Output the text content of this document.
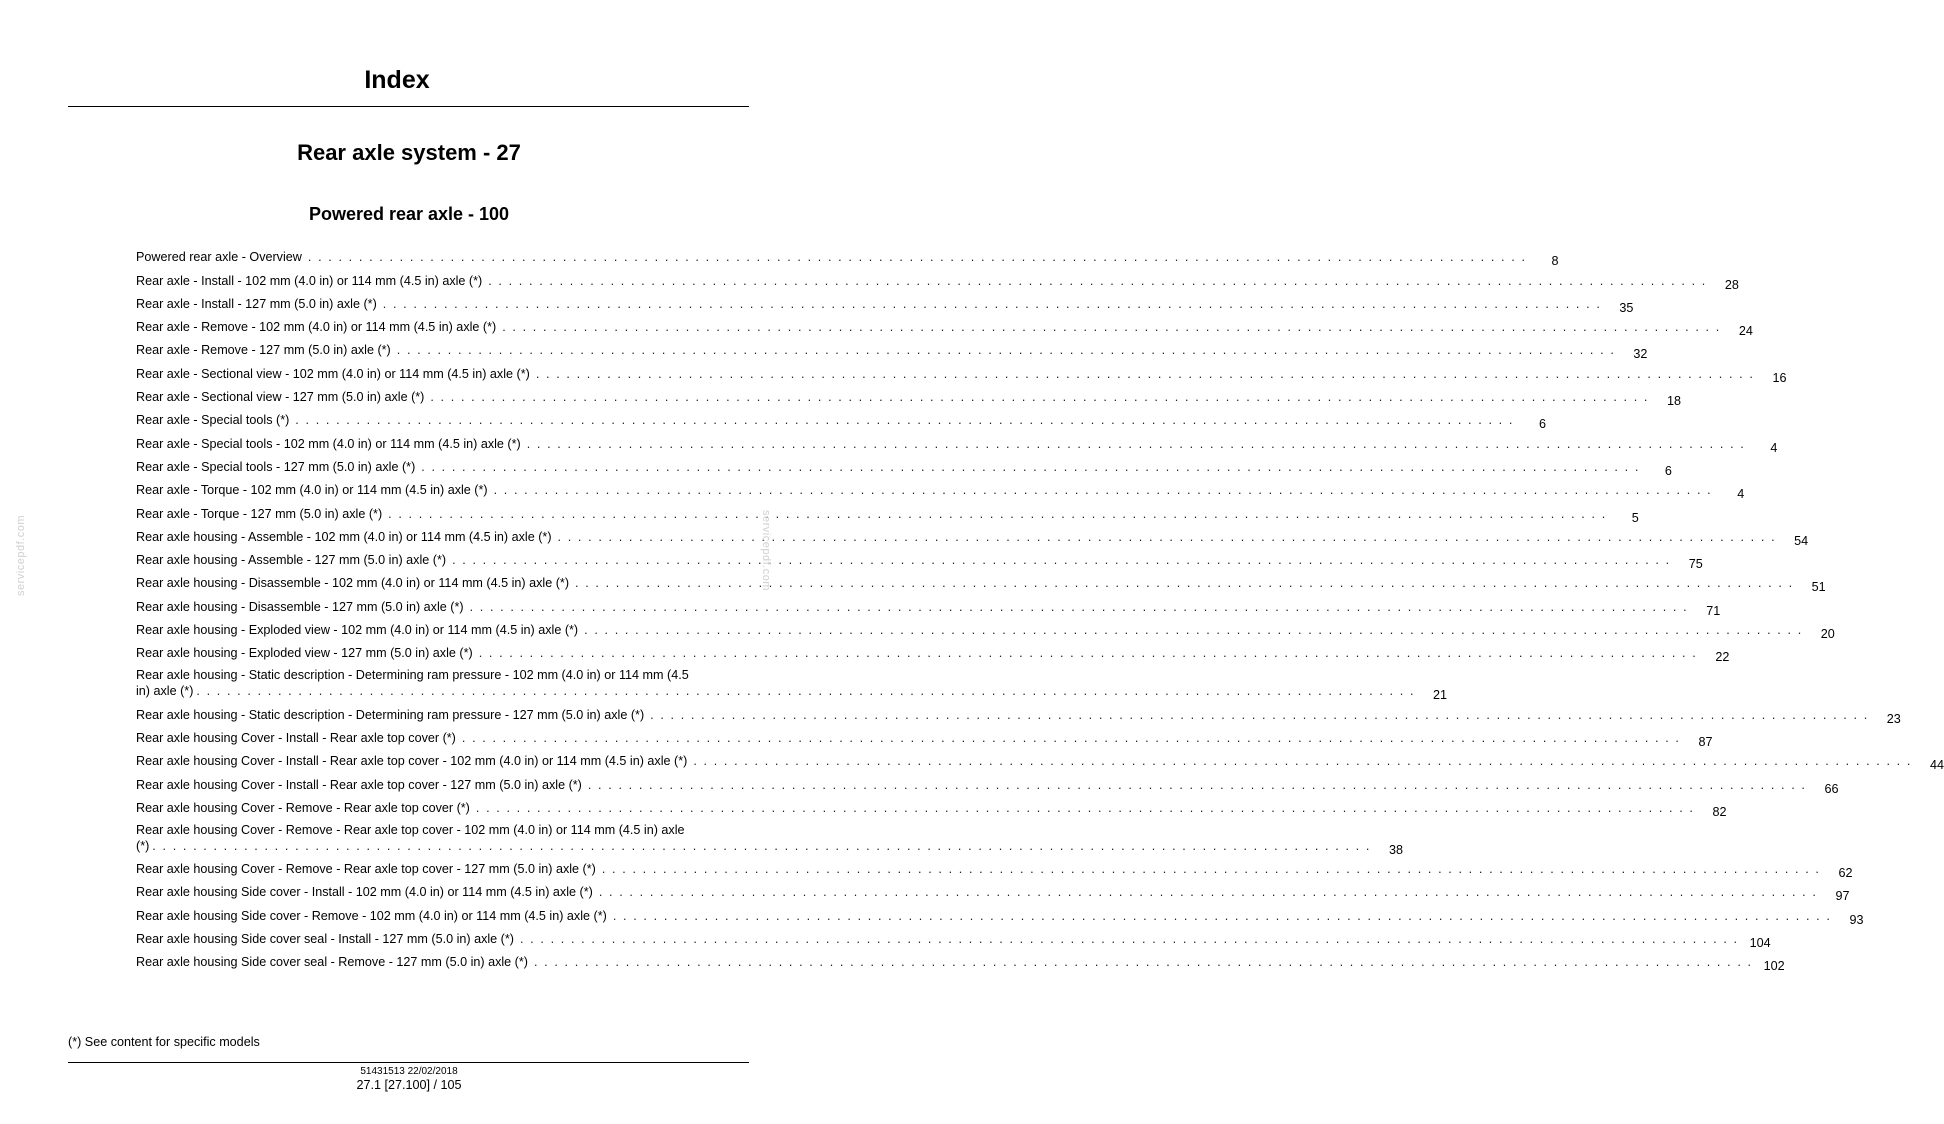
Index
Rear axle system - 27
Powered rear axle - 100
Powered rear axle - Overview . . . . . . . . . . . . . . . . . . . . . . . . . . . . . . . . . . . . . . . . . . . . . . . . . . . . . . . . . . . . . . . . . . . . . . . . . . . . . . . . . . . . . . . . . . . . . . . . . . . . . . . . . . . . . . . . . . . . . . . .	8
Rear axle - Install - 102 mm (4.0 in) or 114 mm (4.5 in) axle (*) . . . . . . . . . . . . . . . . . . . . . . . . . . . . . . . . . . . . . . . . . . . . . . . . . . . . . . . . . . . . . . . . . . . . . . . . . . . . . . . . . . . . . . . . . . . . . . . . . . . . . . . . . . . . . . . . . . . . . . . .	28
Rear axle - Install - 127 mm (5.0 in) axle (*) . . . . . . . . . . . . . . . . . . . . . . . . . . . . . . . . . . . . . . . . . . . . . . . . . . . . . . . . . . . . . . . . . . . . . . . . . . . . . . . . . . . . . . . . . . . . . . . . . . . . . . . . . . . . . . . . . . . . . . . .	35
Rear axle - Remove - 102 mm (4.0 in) or 114 mm (4.5 in) axle (*) . . . . . . . . . . . . . . . . . . . . . . . . . . . . . . . . . . . . . . . . . . . . . . . . . . . . . . . . . . . . . . . . . . . . . . . . . . . . . . . . . . . . . . . . . . . . . . . . . . . . . . . . . . . . . . . . . . . . . . . .	24
Rear axle - Remove - 127 mm (5.0 in) axle (*) . . . . . . . . . . . . . . . . . . . . . . . . . . . . . . . . . . . . . . . . . . . . . . . . . . . . . . . . . . . . . . . . . . . . . . . . . . . . . . . . . . . . . . . . . . . . . . . . . . . . . . . . . . . . . . . . . . . . . . . .	32
Rear axle - Sectional view - 102 mm (4.0 in) or 114 mm (4.5 in) axle (*) . . . . . . . . . . . . . . . . . . . . . . . . . . . . . . . . . . . . . . . . . . . . . . . . . . . . . . . . . . . . . . . . . . . . . . . . . . . . . . . . . . . . . . . . . . . . . . . . . . . . . . . . . . . . . . . . . . . . . . . .	16
Rear axle - Sectional view - 127 mm (5.0 in) axle (*) . . . . . . . . . . . . . . . . . . . . . . . . . . . . . . . . . . . . . . . . . . . . . . . . . . . . . . . . . . . . . . . . . . . . . . . . . . . . . . . . . . . . . . . . . . . . . . . . . . . . . . . . . . . . . . . . . . . . . . . .	18
Rear axle - Special tools (*) . . . . . . . . . . . . . . . . . . . . . . . . . . . . . . . . . . . . . . . . . . . . . . . . . . . . . . . . . . . . . . . . . . . . . . . . . . . . . . . . . . . . . . . . . . . . . . . . . . . . . . . . . . . . . . . . . . . . . . . .	6
Rear axle - Special tools - 102 mm (4.0 in) or 114 mm (4.5 in) axle (*) . . . . . . . . . . . . . . . . . . . . . . . . . . . . . . . . . . . . . . . . . . . . . . . . . . . . . . . . . . . . . . . . . . . . . . . . . . . . . . . . . . . . . . . . . . . . . . . . . . . . . . . . . . . . . . . . . . . . . . . .	4
Rear axle - Special tools - 127 mm (5.0 in) axle (*) . . . . . . . . . . . . . . . . . . . . . . . . . . . . . . . . . . . . . . . . . . . . . . . . . . . . . . . . . . . . . . . . . . . . . . . . . . . . . . . . . . . . . . . . . . . . . . . . . . . . . . . . . . . . . . . . . . . . . . . .	6
Rear axle - Torque - 102 mm (4.0 in) or 114 mm (4.5 in) axle (*) . . . . . . . . . . . . . . . . . . . . . . . . . . . . . . . . . . . . . . . . . . . . . . . . . . . . . . . . . . . . . . . . . . . . . . . . . . . . . . . . . . . . . . . . . . . . . . . . . . . . . . . . . . . . . . . . . . . . . . . .	4
Rear axle - Torque - 127 mm (5.0 in) axle (*) . . . . . . . . . . . . . . . . . . . . . . . . . . . . . . . . . . . . . . . . . . . . . . . . . . . . . . . . . . . . . . . . . . . . . . . . . . . . . . . . . . . . . . . . . . . . . . . . . . . . . . . . . . . . . . . . . . . . . . . .	5
Rear axle housing - Assemble - 102 mm (4.0 in) or 114 mm (4.5 in) axle (*) . . . . . . . . . . . . . . . . . . . . . . . . . . . . . . . . . . . . . . . . . . . . . . . . . . . . . . . . . . . . . . . . . . . . . . . . . . . . . . . . . . . . . . . . . . . . . . . . . . . . . . . . . . . . . . . . . . . . . . . .	54
Rear axle housing - Assemble - 127 mm (5.0 in) axle (*) . . . . . . . . . . . . . . . . . . . . . . . . . . . . . . . . . . . . . . . . . . . . . . . . . . . . . . . . . . . . . . . . . . . . . . . . . . . . . . . . . . . . . . . . . . . . . . . . . . . . . . . . . . . . . . . . . . . . . . . .	75
Rear axle housing - Disassemble - 102 mm (4.0 in) or 114 mm (4.5 in) axle (*) . . . . . . . . . . . . . . . . . . . . . . . . . . . . . . . . . . . . . . . . . . . . . . . . . . . . . . . . . . . . . . . . . . . . . . . . . . . . . . . . . . . . . . . . . . . . . . . . . . . . . . . . . . . . . . . . . . . . . . . .	51
Rear axle housing - Disassemble - 127 mm (5.0 in) axle (*) . . . . . . . . . . . . . . . . . . . . . . . . . . . . . . . . . . . . . . . . . . . . . . . . . . . . . . . . . . . . . . . . . . . . . . . . . . . . . . . . . . . . . . . . . . . . . . . . . . . . . . . . . . . . . . . . . . . . . . . .	71
Rear axle housing - Exploded view - 102 mm (4.0 in) or 114 mm (4.5 in) axle (*) . . . . . . . . . . . . . . . . . . . . . . . . . . . . . . . . . . . . . . . . . . . . . . . . . . . . . . . . . . . . . . . . . . . . . . . . . . . . . . . . . . . . . . . . . . . . . . . . . . . . . . . . . . . . . . . . . . . . . . . .	20
Rear axle housing - Exploded view - 127 mm (5.0 in) axle (*) . . . . . . . . . . . . . . . . . . . . . . . . . . . . . . . . . . . . . . . . . . . . . . . . . . . . . . . . . . . . . . . . . . . . . . . . . . . . . . . . . . . . . . . . . . . . . . . . . . . . . . . . . . . . . . . . . . . . . . . .	22
Rear axle housing - Static description - Determining ram pressure - 102 mm (4.0 in) or 114 mm (4.5
in) axle (*) . . . . . . . . . . . . . . . . . . . . . . . . . . . . . . . . . . . . . . . . . . . . . . . . . . . . . . . . . . . . . . . . . . . . . . . . . . . . . . . . . . . . . . . . . . . . . . . . . . . . . . . . . . . . . . . . . . . . . . . .	21
Rear axle housing - Static description - Determining ram pressure - 127 mm (5.0 in) axle (*) . . . . . . . . . . . . . . . . . . . . . . . . . . . . . . . . . . . . . . . . . . . . . . . . . . . . . . . . . . . . . . . . . . . . . . . . . . . . . . . . . . . . . . . . . . . . . . . . . . . . . . . . . . . . . . . . . . . . . . . .	23
Rear axle housing Cover - Install - Rear axle top cover (*) . . . . . . . . . . . . . . . . . . . . . . . . . . . . . . . . . . . . . . . . . . . . . . . . . . . . . . . . . . . . . . . . . . . . . . . . . . . . . . . . . . . . . . . . . . . . . . . . . . . . . . . . . . . . . . . . . . . . . . . .	87
Rear axle housing Cover - Install - Rear axle top cover - 102 mm (4.0 in) or 114 mm (4.5 in) axle (*) . . . . . . . . . . . . . . . . . . . . . . . . . . . . . . . . . . . . . . . . . . . . . . . . . . . . . . . . . . . . . . . . . . . . . . . . . . . . . . . . . . . . . . . . . . . . . . . . . . . . . . . . . . . . . . . . . . . . . . . .	44
Rear axle housing Cover - Install - Rear axle top cover - 127 mm (5.0 in) axle (*) . . . . . . . . . . . . . . . . . . . . . . . . . . . . . . . . . . . . . . . . . . . . . . . . . . . . . . . . . . . . . . . . . . . . . . . . . . . . . . . . . . . . . . . . . . . . . . . . . . . . . . . . . . . . . . . . . . . . . . . .	66
Rear axle housing Cover - Remove - Rear axle top cover (*) . . . . . . . . . . . . . . . . . . . . . . . . . . . . . . . . . . . . . . . . . . . . . . . . . . . . . . . . . . . . . . . . . . . . . . . . . . . . . . . . . . . . . . . . . . . . . . . . . . . . . . . . . . . . . . . . . . . . . . . .	82
Rear axle housing Cover - Remove - Rear axle top cover - 102 mm (4.0 in) or 114 mm (4.5 in) axle
(*) . . . . . . . . . . . . . . . . . . . . . . . . . . . . . . . . . . . . . . . . . . . . . . . . . . . . . . . . . . . . . . . . . . . . . . . . . . . . . . . . . . . . . . . . . . . . . . . . . . . . . . . . . . . . . . . . . . . . . . . .	38
Rear axle housing Cover - Remove - Rear axle top cover - 127 mm (5.0 in) axle (*) . . . . . . . . . . . . . . . . . . . . . . . . . . . . . . . . . . . . . . . . . . . . . . . . . . . . . . . . . . . . . . . . . . . . . . . . . . . . . . . . . . . . . . . . . . . . . . . . . . . . . . . . . . . . . . . . . . . . . . . .	62
Rear axle housing Side cover - Install - 102 mm (4.0 in) or 114 mm (4.5 in) axle (*) . . . . . . . . . . . . . . . . . . . . . . . . . . . . . . . . . . . . . . . . . . . . . . . . . . . . . . . . . . . . . . . . . . . . . . . . . . . . . . . . . . . . . . . . . . . . . . . . . . . . . . . . . . . . . . . . . . . . . . . .	97
Rear axle housing Side cover - Remove - 102 mm (4.0 in) or 114 mm (4.5 in) axle (*) . . . . . . . . . . . . . . . . . . . . . . . . . . . . . . . . . . . . . . . . . . . . . . . . . . . . . . . . . . . . . . . . . . . . . . . . . . . . . . . . . . . . . . . . . . . . . . . . . . . . . . . . . . . . . . . . . . . . . . . .	93
Rear axle housing Side cover seal - Install - 127 mm (5.0 in) axle (*) . . . . . . . . . . . . . . . . . . . . . . . . . . . . . . . . . . . . . . . . . . . . . . . . . . . . . . . . . . . . . . . . . . . . . . . . . . . . . . . . . . . . . . . . . . . . . . . . . . . . . . . . . . . . . . . . . . . . . . . . 104
Rear axle housing Side cover seal - Remove - 127 mm (5.0 in) axle (*) . . . . . . . . . . . . . . . . . . . . . . . . . . . . . . . . . . . . . . . . . . . . . . . . . . . . . . . . . . . . . . . . . . . . . . . . . . . . . . . . . . . . . . . . . . . . . . . . . . . . . . . . . . . . . . . . . . . . . . . . 102
servicepdf.com	servicepdf.com
(*) See content for specific models
51431513 22/02/2018
27.1 [27.100] / 105
